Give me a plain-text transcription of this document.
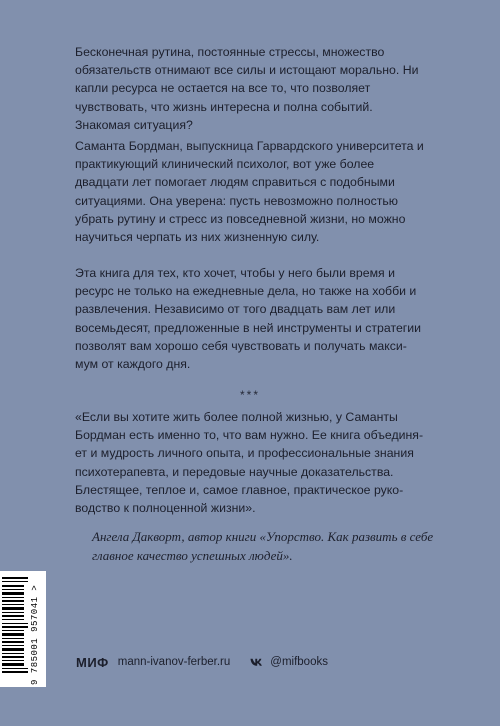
Бесконечная рутина, постоянные стрессы, множество обязательств отнимают все силы и истощают морально. Ни капли ресурса не остается на все то, что позволяет чувствовать, что жизнь интересна и полна событий. Знакомая ситуация?

Саманта Бордман, выпускница Гарвардского университета и практикующий клинический психолог, вот уже более двадцати лет помогает людям справиться с подобными ситуациями. Она уверена: пусть невозможно полностью убрать рутину и стресс из повседневной жизни, но можно научиться черпать из них жизненную силу.

Эта книга для тех, кто хочет, чтобы у него были время и ресурс не только на ежедневные дела, но также на хобби и развлечения. Независимо от того двадцать вам лет или восемьдесят, предложенные в ней инструменты и стратегии позволят вам хорошо себя чувствовать и получать макси- мум от каждого дня.

***

«Если вы хотите жить более полной жизнью, у Саманты Бордман есть именно то, что вам нужно. Ее книга объединя- ет и мудрость личного опыта, и профессиональные знания психотерапевта, и передовые научные доказательства. Блестящее, теплое и, самое главное, практическое руко- водство к полноценной жизни».

Ангела Дакворт, автор книги «Упорство. Как развить в себе главное качество успешных людей».

9 785001 957041 >	МИФ mann-ivanov-ferber.ru	@mifbooks
